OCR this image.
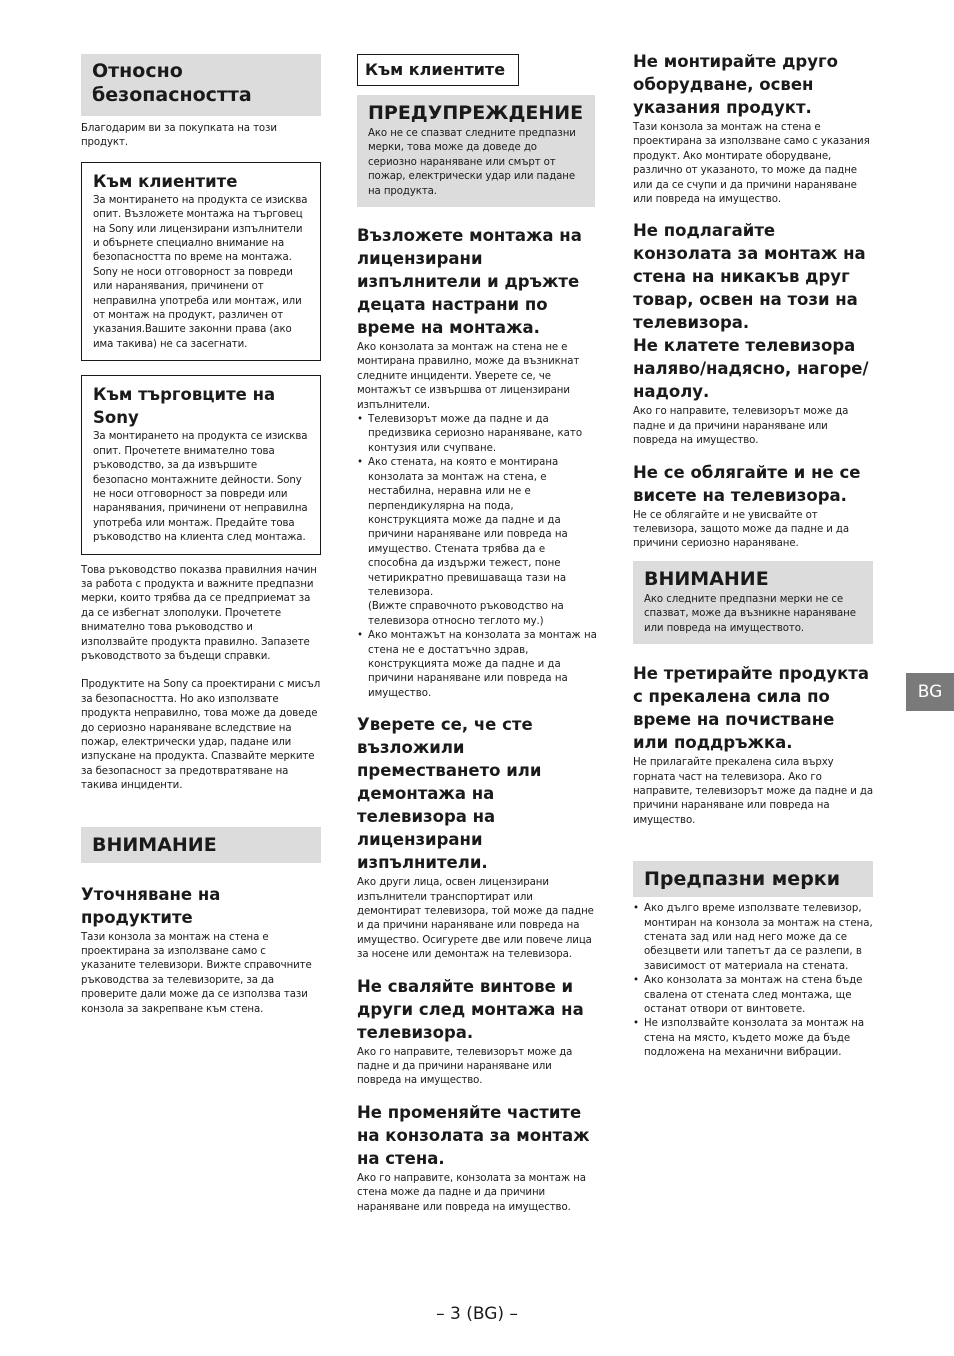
Относно безопасността
Благодарим ви за покупката на този продукт.
Към клиентите
За монтирането на продукта се изисква опит. Възложете монтажа на търговец на Sony или лицензирани изпълнители и обърнете специално внимание на безопасността по време на монтажа. Sony не носи отговорност за повреди или наранявания, причинени от неправилна употреба или монтаж, или от монтаж на продукт, различен от указания.Вашите законни права (ако има такива) не са засегнати.
Към търговците на Sony
За монтирането на продукта се изисква опит. Прочетете внимателно това ръководство, за да извършите безопасно монтажните дейности. Sony не носи отговорност за повреди или наранявания, причинени от неправилна употреба или монтаж. Предайте това ръководство на клиента след монтажа.
Това ръководство показва правилния начин за работа с продукта и важните предпазни мерки, които трябва да се предприемат за да се избегнат злополуки. Прочетете внимателно това ръководство и използвайте продукта правилно. Запазете ръководството за бъдещи справки.
Продуктите на Sony са проектирани с мисъл за безопасността. Но ако използвате продукта неправилно, това може да доведе до сериозно нараняване вследствие на пожар, електрически удар, падане или изпускане на продукта. Спазвайте мерките за безопасност за предотвратяване на такива инциденти.
ВНИМАНИЕ
Уточняване на продуктите
Тази конзола за монтаж на стена е проектирана за използване само с указаните телевизори. Вижте справочните ръководства за телевизорите, за да проверите дали може да се използва тази конзола за закрепване към стена.
Към клиентите
ПРЕДУПРЕЖДЕНИЕ
Ако не се спазват следните предпазни мерки, това може да доведе до сериозно нараняване или смърт от пожар, електрически удар или падане на продукта.
Възложете монтажа на лицензирани изпълнители и дръжте децата настрани по време на монтажа.
Ако конзолата за монтаж на стена не е монтирана правилно, може да възникнат следните инциденти. Уверете се, че монтажът се извършва от лицензирани изпълнители.
• Телевизорът може да падне и да предизвика сериозно нараняване, като контузия или счупване.
• Ако стената, на която е монтирана конзолата за монтаж на стена, е нестабилна, неравна или не е перпендикулярна на пода, конструкцията може да падне и да причини нараняване или повреда на имущество. Стената трябва да е способна да издържи тежест, поне четирикратно превишаваща тази на телевизора.
(Вижте справочното ръководство на телевизора относно теглото му.)
• Ако монтажът на конзолата за монтаж на стена не е достатъчно здрав, конструкцията може да падне и да причини нараняване или повреда на имущество.
Уверете се, че сте възложили преместването или демонтажа на телевизора на лицензирани изпълнители.
Ако други лица, освен лицензирани изпълнители транспортират или демонтират телевизора, той може да падне и да причини нараняване или повреда на имущество. Осигурете две или повече лица за носене или демонтаж на телевизора.
Не сваляйте винтове и други след монтажа на телевизора.
Ако го направите, телевизорът може да падне и да причини нараняване или повреда на имущество.
Не променяйте частите на конзолата за монтаж на стена.
Ако го направите, конзолата за монтаж на стена може да падне и да причини нараняване или повреда на имущество.
Не монтирайте друго оборудване, освен указания продукт.
Тази конзола за монтаж на стена е проектирана за използване само с указания продукт. Ако монтирате оборудване, различно от указаното, то може да падне или да се счупи и да причини нараняване или повреда на имущество.
Не подлагайте конзолата за монтаж на стена на никакъв друг товар, освен на този на телевизора.
Не клатете телевизора наляво/надясно, нагоре/надолу.
Ако го направите, телевизорът може да падне и да причини нараняване или повреда на имущество.
Не се облягайте и не се висете на телевизора.
Не се облягайте и не увисвайте от телевизора, защото може да падне и да причини сериозно нараняване.
ВНИМАНИЕ
Ако следните предпазни мерки не се спазват, може да възникне нараняване или повреда на имуществото.
Не третирайте продукта с прекалена сила по време на почистване или поддръжка.
Не прилагайте прекалена сила върху горната част на телевизора. Ако го направите, телевизорът може да падне и да причини нараняване или повреда на имущество.
Предпазни мерки
• Ако дълго време използвате телевизор, монтиран на конзола за монтаж на стена, стената зад или над него може да се обезцвети или тапетът да се разлепи, в зависимост от материала на стената.
• Ако конзолата за монтаж на стена бъде свалена от стената след монтажа, ще останат отвори от винтовете.
• Не използвайте конзолата за монтаж на стена на място, където може да бъде подложена на механични вибрации.
BG
– 3 (BG) –
